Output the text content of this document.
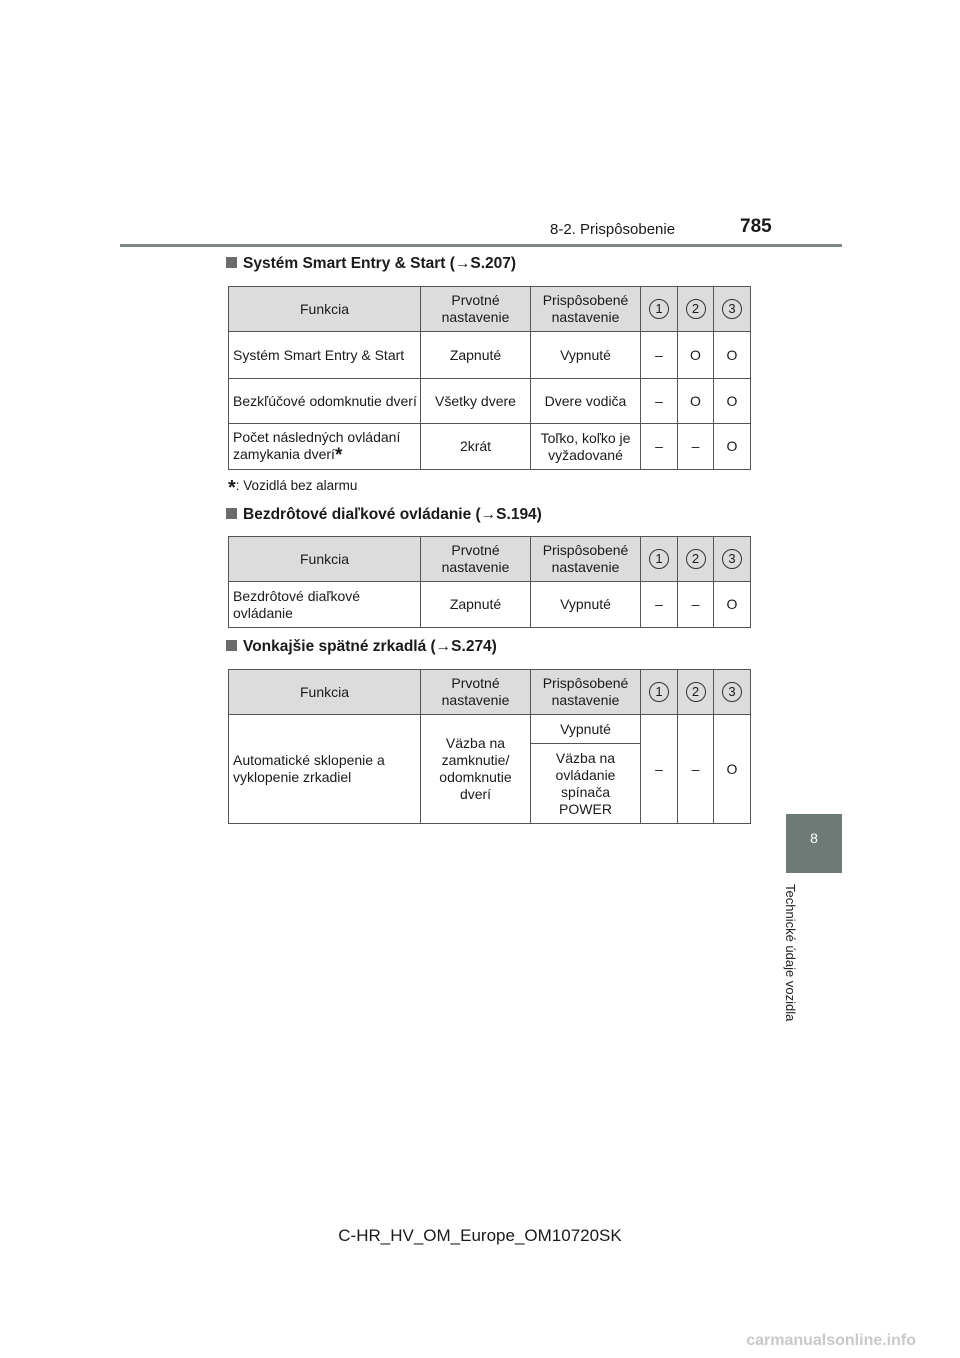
8-2. Prispôsobenie	785
8
Technické údaje vozidla
Systém Smart Entry & Start (→S.207)
Funkcia	Prvotné nastavenie	Prispôsobené nastavenie	1	2	3
Systém Smart Entry & Start	Zapnuté	Vypnuté	–	O	O
Bezkľúčové odomknutie dverí	Všetky dvere	Dvere vodiča	–	O	O
Počet následných ovládaní zamykania dverí*	2krát	Toľko, koľko je vyžadované	–	–	O
*: Vozidlá bez alarmu
Bezdrôtové diaľkové ovládanie (→S.194)
Funkcia	Prvotné nastavenie	Prispôsobené nastavenie	1	2	3
Bezdrôtové diaľkové ovládanie	Zapnuté	Vypnuté	–	–	O
Vonkajšie spätné zrkadlá (→S.274)
Funkcia	Prvotné nastavenie	Prispôsobené nastavenie	1	2	3
Automatické sklopenie a vyklopenie zrkadiel	Väzba na zamknutie/ odomknutie dverí	Vypnuté	–	–	O
		Väzba na ovládanie spínača POWER			
C-HR_HV_OM_Europe_OM10720SK
carmanualsonline.info
